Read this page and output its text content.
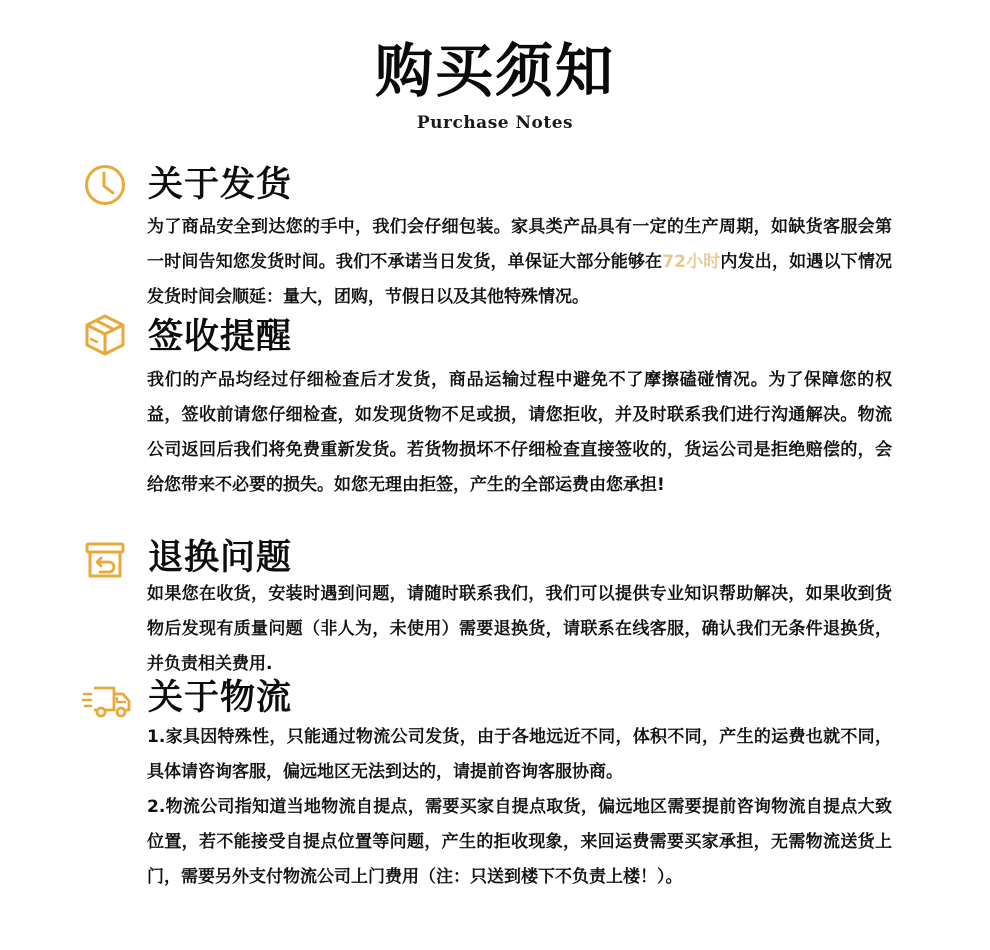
购买须知
Purchase Notes
关于发货

为了商品安全到达您的手中，我们会仔细包装。家具类产品具有一定的生产周期，如缺货客服会第一时间告知您发货时间。我们不承诺当日发货，单保证大部分能够在72小时内发出，如遇以下情况发货时间会顺延：量大，团购，节假日以及其他特殊情况。

签收提醒

我们的产品均经过仔细检查后才发货，商品运输过程中避免不了摩擦磕碰情况。为了保障您的权益，签收前请您仔细检查，如发现货物不足或损，请您拒收，并及时联系我们进行沟通解决。物流公司返回后我们将免费重新发货。若货物损坏不仔细检查直接签收的，货运公司是拒绝赔偿的，会给您带来不必要的损失。如您无理由拒签，产生的全部运费由您承担!

退换问题

如果您在收货，安装时遇到问题，请随时联系我们，我们可以提供专业知识帮助解决，如果收到货物后发现有质量问题（非人为，未使用）需要退换货，请联系在线客服，确认我们无条件退换货，并负责相关费用.

关于物流

1.家具因特殊性，只能通过物流公司发货，由于各地远近不同，体积不同，产生的运费也就不同，具体请咨询客服，偏远地区无法到达的，请提前咨询客服协商。

2.物流公司指知道当地物流自提点，需要买家自提点取货，偏远地区需要提前咨询物流自提点大致位置，若不能接受自提点位置等问题，产生的拒收现象，来回运费需要买家承担，无需物流送货上门，需要另外支付物流公司上门费用（注：只送到楼下不负责上楼！）。
